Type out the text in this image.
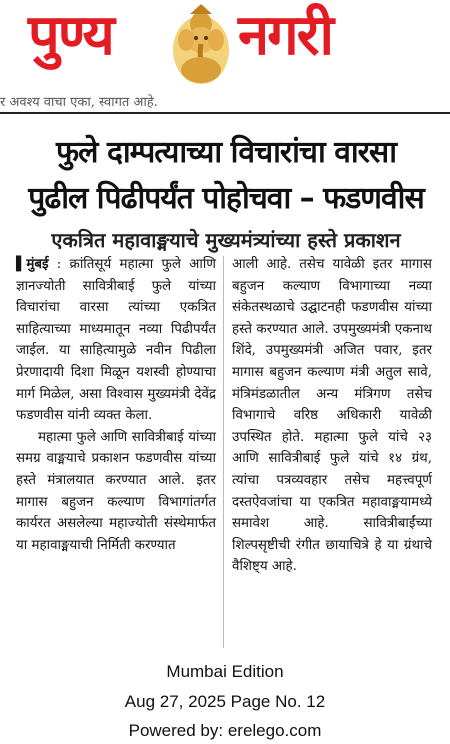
पुण्य नगरी
र अवश्य वाचा एका, स्वागत आहे.
फुले दाम्पत्याच्या विचारांचा वारसा
पुढील पिढीपर्यंत पोहोचवा – फडणवीस
एकत्रित महावाङ्मयाचे मुख्यमंत्र्यांच्या हस्ते प्रकाशन

▌मुंबई : क्रांतिसूर्य महात्मा फुले आणि ज्ञानज्योती सावित्रीबाई फुले यांच्या विचारांचा वारसा त्यांच्या एकत्रित साहित्याच्या माध्यमातून नव्या पिढीपर्यंत जाईल. या साहित्यामुळे नवीन पिढीला प्रेरणादायी दिशा मिळून यशस्वी होण्याचा मार्ग मिळेल, असा विश्वास मुख्यमंत्री देवेंद्र फडणवीस यांनी व्यक्त केला.

महात्मा फुले आणि सावित्रीबाई यांच्या समग्र वाङ्मयाचे प्रकाशन फडणवीस यांच्या हस्ते मंत्रालयात करण्यात आले. इतर मागास बहुजन कल्याण विभागांतर्गत कार्यरत असलेल्या महाज्योती संस्थेमार्फत या महावाङ्मयाची निर्मिती करण्यात

आली आहे. तसेच यावेळी इतर मागास बहुजन कल्याण विभागाच्या नव्या संकेतस्थळाचे उद्घाटनही फडणवीस यांच्या हस्ते करण्यात आले. उपमुख्यमंत्री एकनाथ शिंदे, उपमुख्यमंत्री अजित पवार, इतर मागास बहुजन कल्याण मंत्री अतुल सावे, मंत्रिमंडळातील अन्य मंत्रिगण तसेच विभागाचे वरिष्ठ अधिकारी यावेळी उपस्थित होते. महात्मा फुले यांचे २३ आणि सावित्रीबाई फुले यांचे १४ ग्रंथ, त्यांचा पत्रव्यवहार तसेच महत्त्वपूर्ण दस्तऐवजांचा या एकत्रित महावाङ्मयामध्ये समावेश आहे. सावित्रीबाईंच्या शिल्पसृष्टीची रंगीत छायाचित्रे हे या ग्रंथाचे वैशिष्ट्य आहे.

Mumbai Edition
Aug 27, 2025 Page No. 12
Powered by: erelego.com
